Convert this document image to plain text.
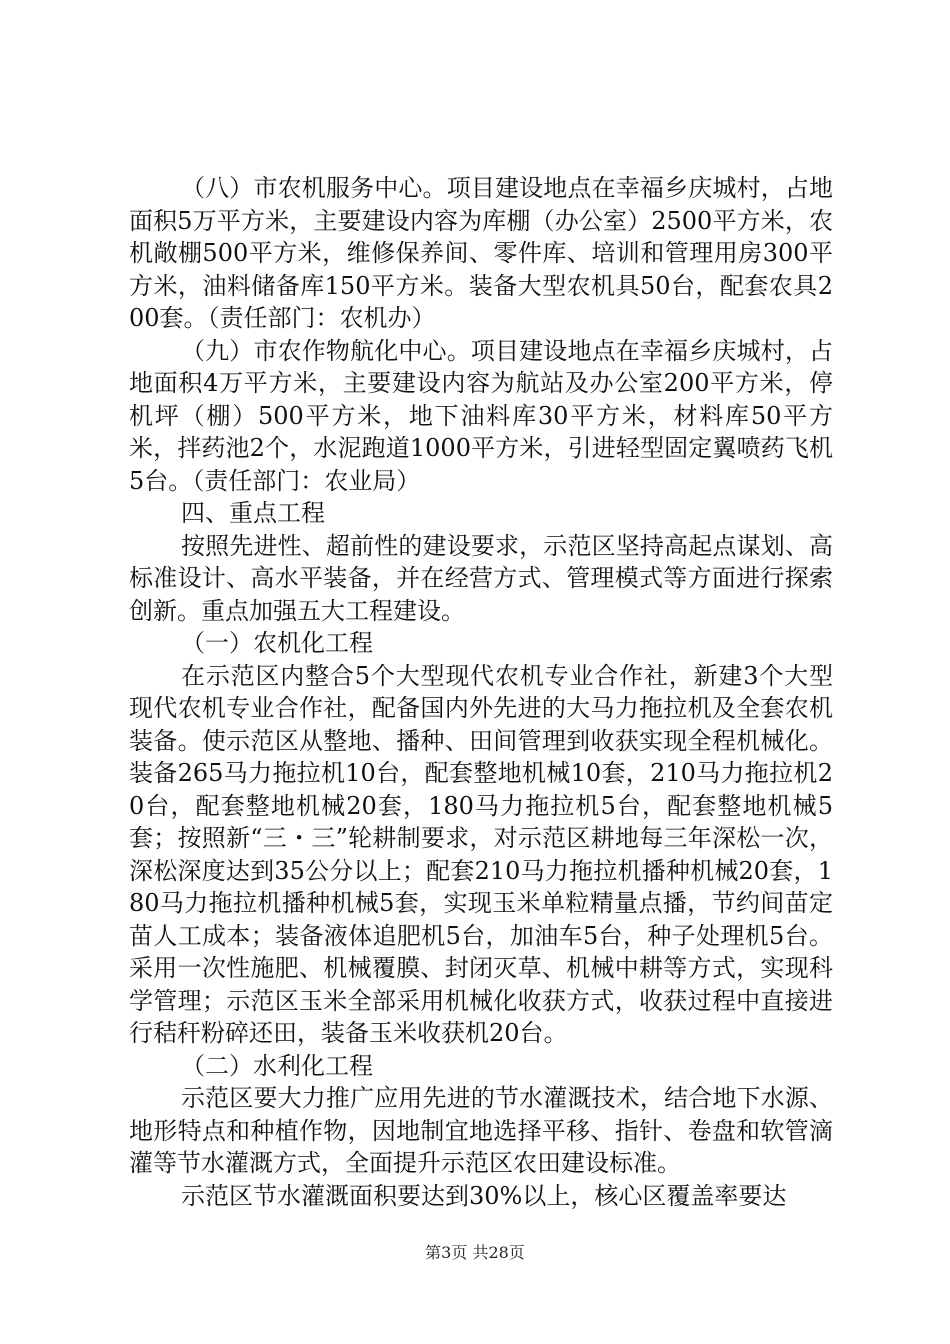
（八）市农机服务中心。项目建设地点在幸福乡庆城村，占地面积5万平方米，主要建设内容为库棚（办公室）2500平方米，农机敞棚500平方米，维修保养间、零件库、培训和管理用房300平方米，油料储备库150平方米。装备大型农机具50台，配套农具200套。（责任部门：农机办）

（九）市农作物航化中心。项目建设地点在幸福乡庆城村，占地面积4万平方米，主要建设内容为航站及办公室200平方米，停机坪（棚）500平方米，地下油料库30平方米，材料库50平方米，拌药池2个，水泥跑道1000平方米，引进轻型固定翼喷药飞机5台。（责任部门：农业局）

四、重点工程

按照先进性、超前性的建设要求，示范区坚持高起点谋划、高标准设计、高水平装备，并在经营方式、管理模式等方面进行探索创新。重点加强五大工程建设。

（一）农机化工程

在示范区内整合5个大型现代农机专业合作社，新建3个大型现代农机专业合作社，配备国内外先进的大马力拖拉机及全套农机装备。使示范区从整地、播种、田间管理到收获实现全程机械化。装备265马力拖拉机10台，配套整地机械10套，210马力拖拉机20台，配套整地机械20套，180马力拖拉机5台，配套整地机械5套；按照新“三・三”轮耕制要求，对示范区耕地每三年深松一次，深松深度达到35公分以上；配套210马力拖拉机播种机械20套，180马力拖拉机播种机械5套，实现玉米单粒精量点播，节约间苗定苗人工成本；装备液体追肥机5台，加油车5台，种子处理机5台。采用一次性施肥、机械覆膜、封闭灭草、机械中耕等方式，实现科学管理；示范区玉米全部采用机械化收获方式，收获过程中直接进行秸秆粉碎还田，装备玉米收获机20台。

（二）水利化工程

示范区要大力推广应用先进的节水灌溉技术，结合地下水源、地形特点和种植作物，因地制宜地选择平移、指针、卷盘和软管滴灌等节水灌溉方式，全面提升示范区农田建设标准。

示范区节水灌溉面积要达到30%以上，核心区覆盖率要达

第3页 共28页
